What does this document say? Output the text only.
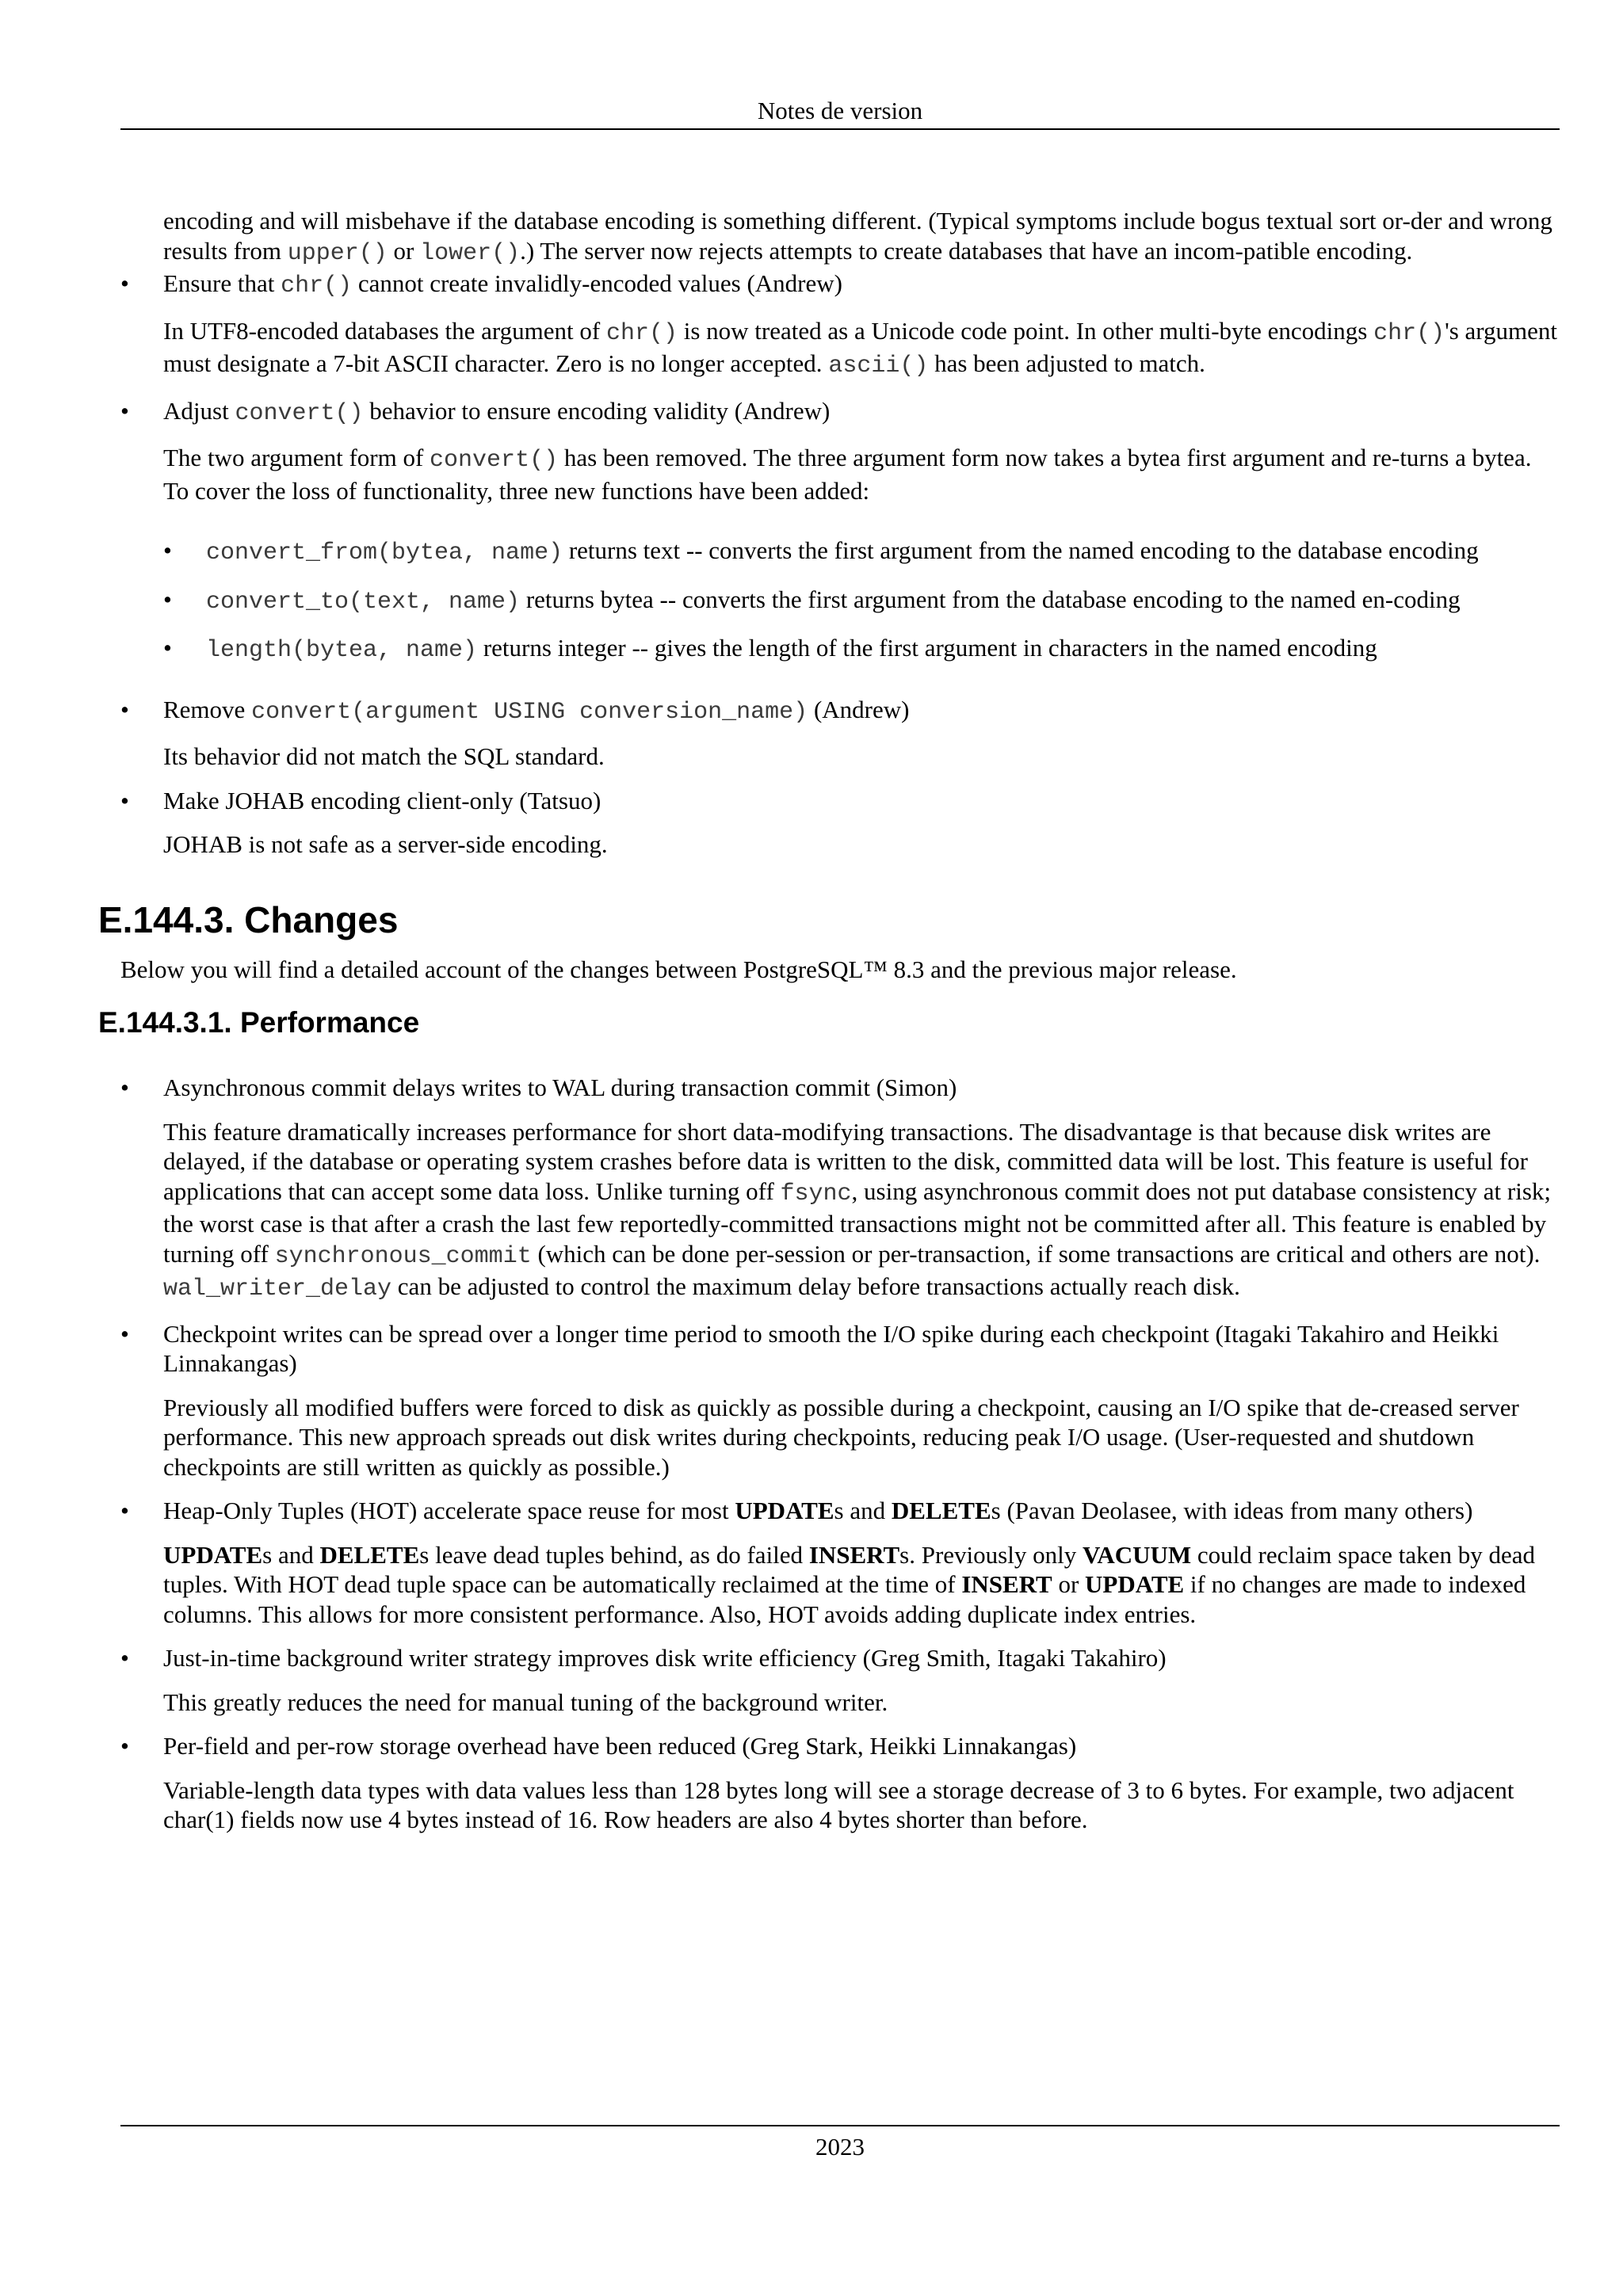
Notes de version

encoding and will misbehave if the database encoding is something different. (Typical symptoms include bogus textual sort or-der and wrong results from upper() or lower().) The server now rejects attempts to create databases that have an incom-patible encoding.

• Ensure that chr() cannot create invalidly-encoded values (Andrew)

In UTF8-encoded databases the argument of chr() is now treated as a Unicode code point. In other multi-byte encodings chr()'s argument must designate a 7-bit ASCII character. Zero is no longer accepted. ascii() has been adjusted to match.

• Adjust convert() behavior to ensure encoding validity (Andrew)

The two argument form of convert() has been removed. The three argument form now takes a bytea first argument and re-turns a bytea. To cover the loss of functionality, three new functions have been added:

• convert_from(bytea, name) returns text -- converts the first argument from the named encoding to the database encoding

• convert_to(text, name) returns bytea -- converts the first argument from the database encoding to the named en-coding

• length(bytea, name) returns integer -- gives the length of the first argument in characters in the named encoding

• Remove convert(argument USING conversion_name) (Andrew)

Its behavior did not match the SQL standard.

• Make JOHAB encoding client-only (Tatsuo)

JOHAB is not safe as a server-side encoding.

E.144.3. Changes

Below you will find a detailed account of the changes between PostgreSQL™ 8.3 and the previous major release.

E.144.3.1. Performance
• Asynchronous commit delays writes to WAL during transaction commit (Simon)

This feature dramatically increases performance for short data-modifying transactions. The disadvantage is that because disk writes are delayed, if the database or operating system crashes before data is written to the disk, committed data will be lost. This feature is useful for applications that can accept some data loss. Unlike turning off fsync, using asynchronous commit does not put database consistency at risk; the worst case is that after a crash the last few reportedly-committed transactions might not be committed after all. This feature is enabled by turning off synchronous_commit (which can be done per-session or per-transaction, if some transactions are critical and others are not). wal_writer_delay can be adjusted to control the maximum delay before transactions actually reach disk.

• Checkpoint writes can be spread over a longer time period to smooth the I/O spike during each checkpoint (Itagaki Takahiro and Heikki Linnakangas)

Previously all modified buffers were forced to disk as quickly as possible during a checkpoint, causing an I/O spike that de-creased server performance. This new approach spreads out disk writes during checkpoints, reducing peak I/O usage. (User-requested and shutdown checkpoints are still written as quickly as possible.)

• Heap-Only Tuples (HOT) accelerate space reuse for most UPDATEs and DELETEs (Pavan Deolasee, with ideas from many others)

UPDATEs and DELETEs leave dead tuples behind, as do failed INSERTs. Previously only VACUUM could reclaim space taken by dead tuples. With HOT dead tuple space can be automatically reclaimed at the time of INSERT or UPDATE if no changes are made to indexed columns. This allows for more consistent performance. Also, HOT avoids adding duplicate index entries.

• Just-in-time background writer strategy improves disk write efficiency (Greg Smith, Itagaki Takahiro)

This greatly reduces the need for manual tuning of the background writer.

• Per-field and per-row storage overhead have been reduced (Greg Stark, Heikki Linnakangas)

Variable-length data types with data values less than 128 bytes long will see a storage decrease of 3 to 6 bytes. For example, two adjacent char(1) fields now use 4 bytes instead of 16. Row headers are also 4 bytes shorter than before.

2023
